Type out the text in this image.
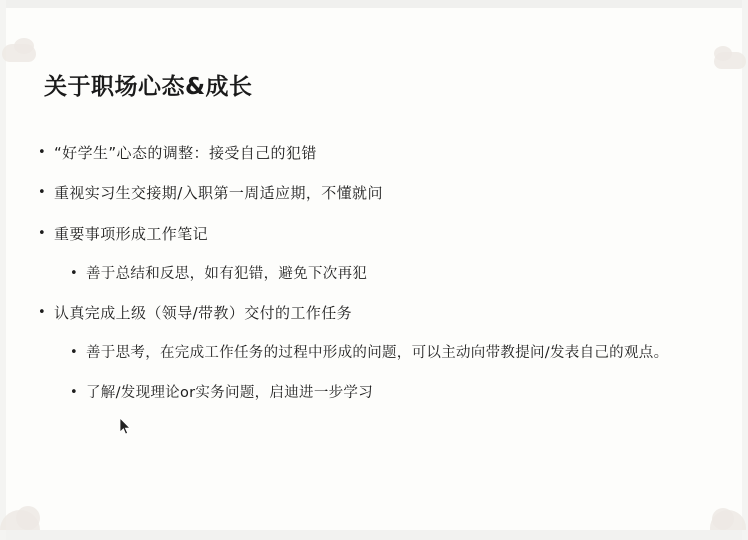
关于职场心态&成长
• “好学生”心态的调整：接受自己的犯错
• 重视实习生交接期/入职第一周适应期，不懂就问
• 重要事项形成工作笔记
• 善于总结和反思，如有犯错，避免下次再犯
• 认真完成上级（领导/带教）交付的工作任务
• 善于思考，在完成工作任务的过程中形成的问题，可以主动向带教提问/发表自己的观点。
• 了解/发现理论or实务问题，启迪进一步学习
